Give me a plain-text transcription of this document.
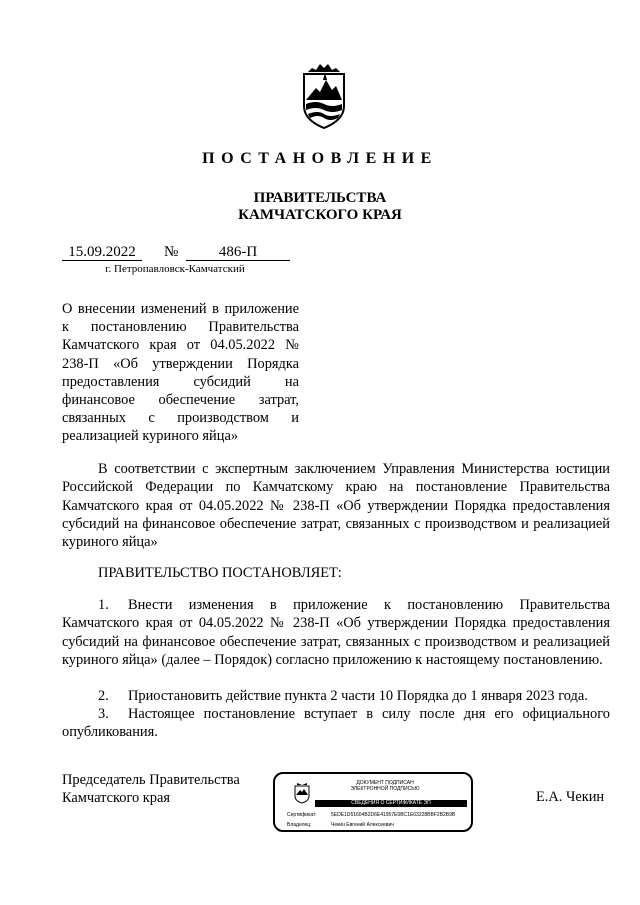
ПОСТАНОВЛЕНИЕ
ПРАВИТЕЛЬСТВА
КАМЧАТСКОГО КРАЯ
15.09.2022	№	486-П
г. Петропавловск-Камчатский
О внесении изменений в приложение
к постановлению Правительства
Камчатского края от 04.05.2022 №
238-П «Об утверждении Порядка
предоставления субсидий на
финансовое обеспечение затрат,
связанных с производством и
реализацией куриного яйца»
В соответствии с экспертным заключением Управления Министерства юстиции Российской Федерации по Камчатскому краю на постановление Правительства Камчатского края от 04.05.2022 № 238-П «Об утверждении Порядка предоставления субсидий на финансовое обеспечение затрат, связанных с производством и реализацией куриного яйца»
ПРАВИТЕЛЬСТВО ПОСТАНОВЛЯЕТ:
1. Внести изменения в приложение к постановлению Правительства Камчатского края от 04.05.2022 № 238-П «Об утверждении Порядка предоставления субсидий на финансовое обеспечение затрат, связанных с производством и реализацией куриного яйца» (далее – Порядок) согласно приложению к настоящему постановлению.
2. Приостановить действие пункта 2 части 10 Порядка до 1 января 2023 года.
3. Настоящее постановление вступает в силу после дня его официального опубликования.
Председатель Правительства
Камчатского края	Е.А. Чекин
ДОКУМЕНТ ПОДПИСАН
ЭЛЕКТРОННОЙ ПОДПИСЬЮ
СВЕДЕНИЯ О СЕРТИФИКАТЕ ЭП
Сертификат:	5EDE1D51604B2D6E41957E0BC1E63228BBF2B2B9B
Владелец:	Чекин Евгений Алексеевич
